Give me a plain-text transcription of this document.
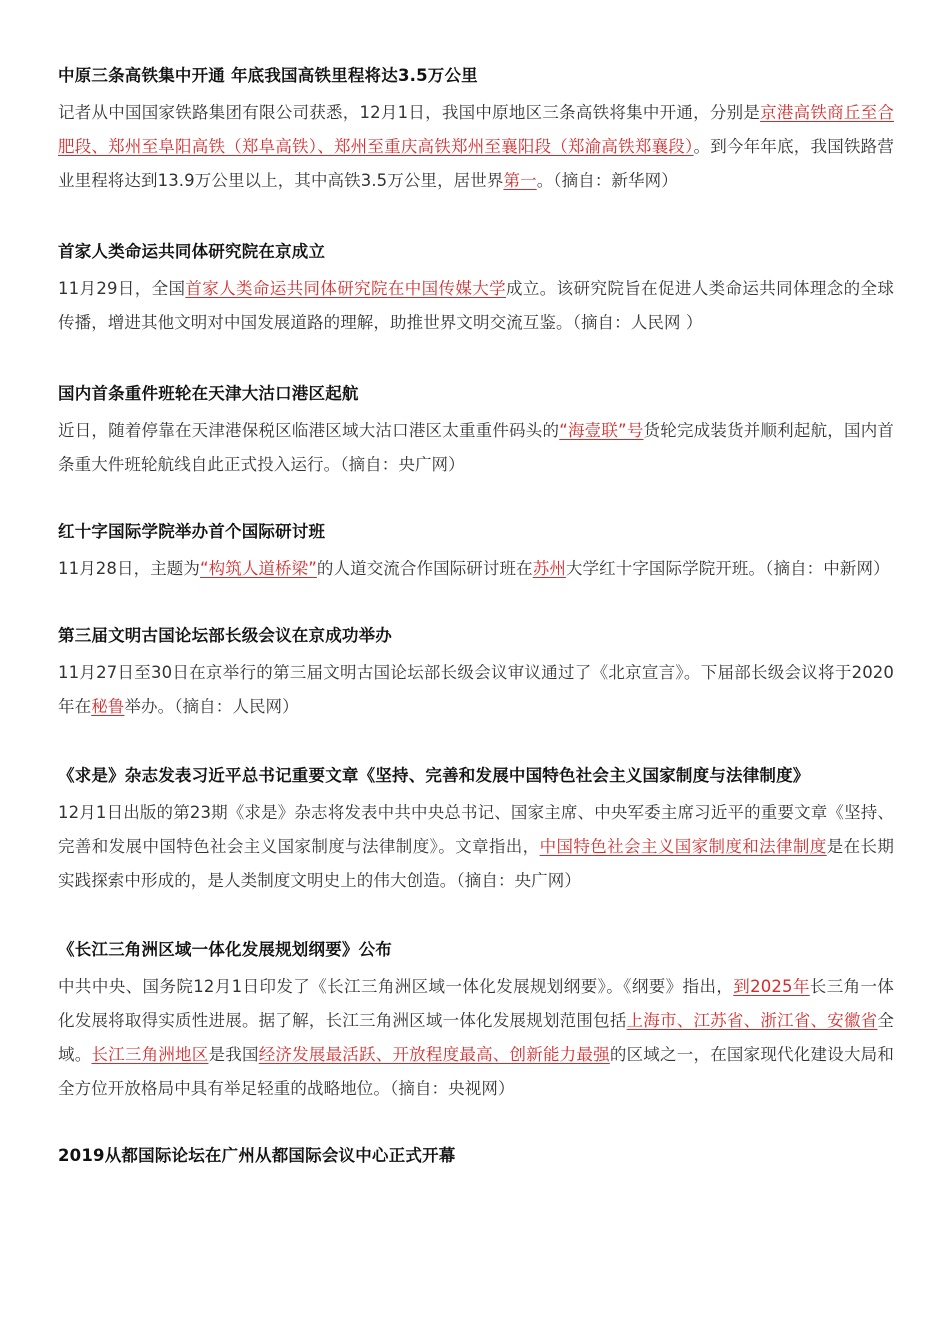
中原三条高铁集中开通 年底我国高铁里程将达3.5万公里

记者从中国国家铁路集团有限公司获悉，12月1日，我国中原地区三条高铁将集中开通，分别是京港高铁商丘至合肥段、郑州至阜阳高铁（郑阜高铁）、郑州至重庆高铁郑州至襄阳段（郑渝高铁郑襄段）。到今年年底，我国铁路营业里程将达到13.9万公里以上，其中高铁3.5万公里，居世界第一。（摘自：新华网）

首家人类命运共同体研究院在京成立

11月29日，全国首家人类命运共同体研究院在中国传媒大学成立。该研究院旨在促进人类命运共同体理念的全球传播，增进其他文明对中国发展道路的理解，助推世界文明交流互鉴。（摘自：人民网 ）

国内首条重件班轮在天津大沽口港区起航

近日，随着停靠在天津港保税区临港区域大沽口港区太重重件码头的“海壹联”号货轮完成装货并顺利起航，国内首条重大件班轮航线自此正式投入运行。（摘自：央广网）

红十字国际学院举办首个国际研讨班

11月28日，主题为“构筑人道桥梁”的人道交流合作国际研讨班在苏州大学红十字国际学院开班。（摘自：中新网）

第三届文明古国论坛部长级会议在京成功举办

11月27日至30日在京举行的第三届文明古国论坛部长级会议审议通过了《北京宣言》。下届部长级会议将于2020年在秘鲁举办。（摘自：人民网）

《求是》杂志发表习近平总书记重要文章《坚持、完善和发展中国特色社会主义国家制度与法律制度》

12月1日出版的第23期《求是》杂志将发表中共中央总书记、国家主席、中央军委主席习近平的重要文章《坚持、完善和发展中国特色社会主义国家制度与法律制度》。文章指出，中国特色社会主义国家制度和法律制度是在长期实践探索中形成的，是人类制度文明史上的伟大创造。（摘自：央广网）

《长江三角洲区域一体化发展规划纲要》公布

中共中央、国务院12月1日印发了《长江三角洲区域一体化发展规划纲要》。《纲要》指出，到2025年长三角一体化发展将取得实质性进展。据了解，长江三角洲区域一体化发展规划范围包括上海市、江苏省、浙江省、安徽省全域。长江三角洲地区是我国经济发展最活跃、开放程度最高、创新能力最强的区域之一，在国家现代化建设大局和全方位开放格局中具有举足轻重的战略地位。（摘自：央视网）

2019从都国际论坛在广州从都国际会议中心正式开幕
